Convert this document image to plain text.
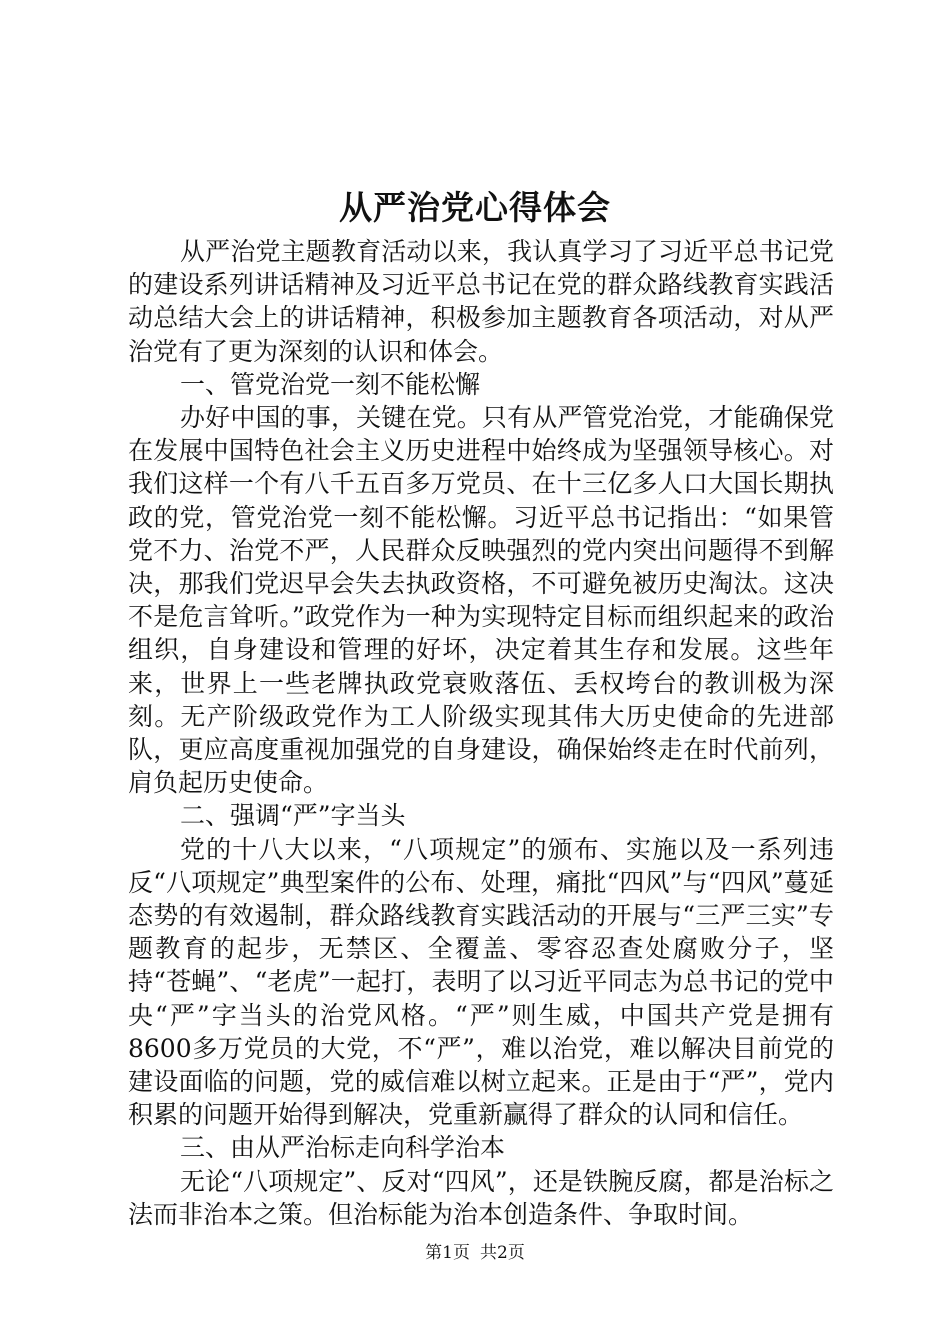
从严治党心得体会

从严治党主题教育活动以来，我认真学习了习近平总书记党的建设系列讲话精神及习近平总书记在党的群众路线教育实践活动总结大会上的讲话精神，积极参加主题教育各项活动，对从严治党有了更为深刻的认识和体会。

一、管党治党一刻不能松懈

办好中国的事，关键在党。只有从严管党治党，才能确保党在发展中国特色社会主义历史进程中始终成为坚强领导核心。对我们这样一个有八千五百多万党员、在十三亿多人口大国长期执政的党，管党治党一刻不能松懈。习近平总书记指出：“如果管党不力、治党不严，人民群众反映强烈的党内突出问题得不到解决，那我们党迟早会失去执政资格，不可避免被历史淘汰。这决不是危言耸听。”政党作为一种为实现特定目标而组织起来的政治组织，自身建设和管理的好坏，决定着其生存和发展。这些年来，世界上一些老牌执政党衰败落伍、丢权垮台的教训极为深刻。无产阶级政党作为工人阶级实现其伟大历史使命的先进部队，更应高度重视加强党的自身建设，确保始终走在时代前列，肩负起历史使命。

二、强调“严”字当头

党的十八大以来，“八项规定”的颁布、实施以及一系列违反“八项规定”典型案件的公布、处理，痛批“四风”与“四风”蔓延态势的有效遏制，群众路线教育实践活动的开展与“三严三实”专题教育的起步，无禁区、全覆盖、零容忍查处腐败分子，坚持“苍蝇”、“老虎”一起打，表明了以习近平同志为总书记的党中央“严”字当头的治党风格。“严”则生威，中国共产党是拥有8600多万党员的大党，不“严”，难以治党，难以解决目前党的建设面临的问题，党的威信难以树立起来。正是由于“严”，党内积累的问题开始得到解决，党重新赢得了群众的认同和信任。

三、由从严治标走向科学治本

无论“八项规定”、反对“四风”，还是铁腕反腐，都是治标之法而非治本之策。但治标能为治本创造条件、争取时间。

第1页 共2页
